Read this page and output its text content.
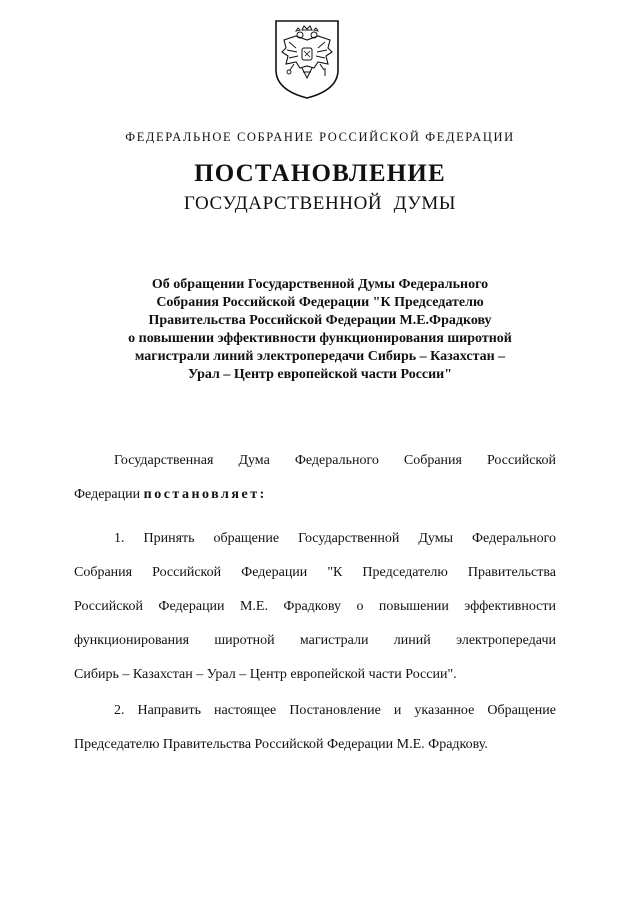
ФЕДЕРАЛЬНОЕ СОБРАНИЕ РОССИЙСКОЙ ФЕДЕРАЦИИ
ПОСТАНОВЛЕНИЕ
ГОСУДАРСТВЕННОЙ ДУМЫ
Об обращении Государственной Думы Федерального
Собрания Российской Федерации "К Председателю
Правительства Российской Федерации М.Е.Фрадкову
о повышении эффективности функционирования широтной
магистрали линий электропередачи Сибирь – Казахстан –
Урал – Центр европейской части России"
Государственная Дума Федерального Собрания Российской
Федерации постановляет:
1. Принять обращение Государственной Думы Федерального
Собрания Российской Федерации "К Председателю Правительства
Российской Федерации М.Е. Фрадкову о повышении эффективности
функционирования широтной магистрали линий электропередачи
Сибирь – Казахстан – Урал – Центр европейской части России".
2. Направить настоящее Постановление и указанное Обращение
Председателю Правительства Российской Федерации М.Е. Фрадкову.
